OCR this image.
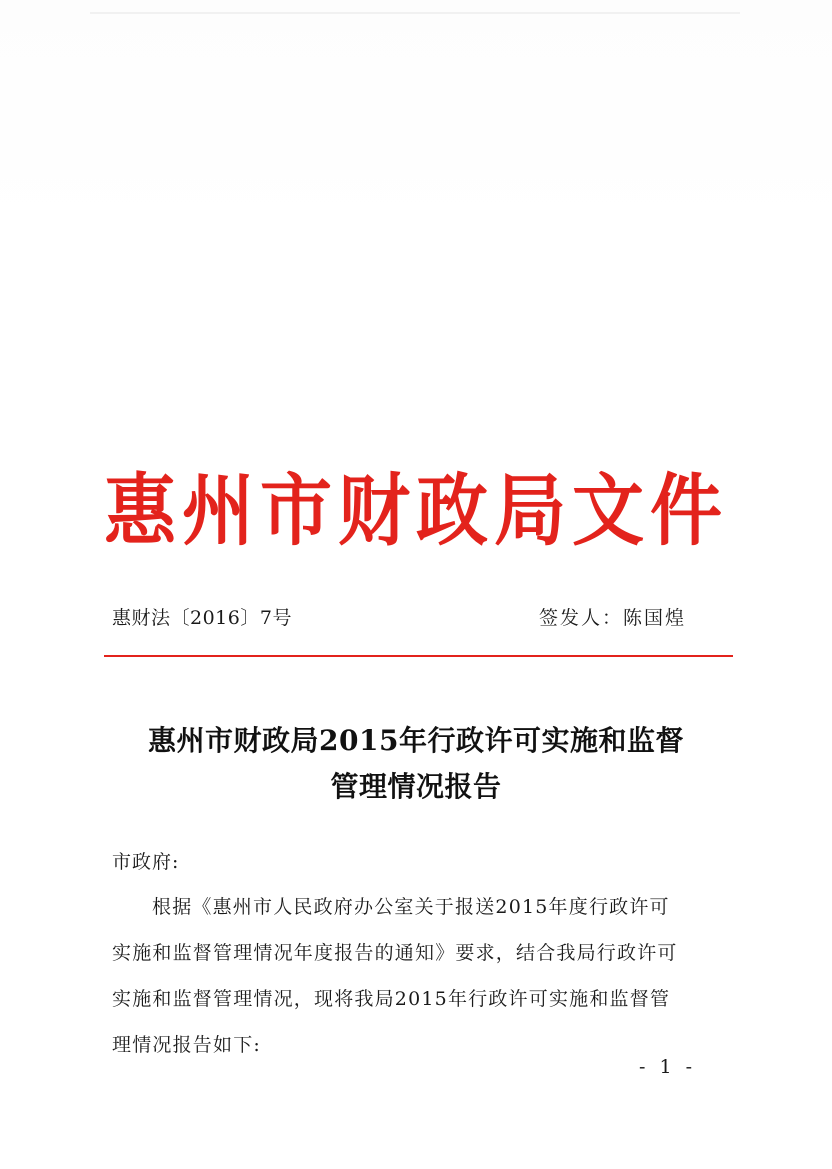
惠州市财政局文件
惠财法〔2016〕7号	签发人：陈国煌
惠州市财政局2015年行政许可实施和监督
管理情况报告
市政府:
根据《惠州市人民政府办公室关于报送2015年度行政许可
实施和监督管理情况年度报告的通知》要求，结合我局行政许可
实施和监督管理情况，现将我局2015年行政许可实施和监督管
理情况报告如下:
- 1 -
